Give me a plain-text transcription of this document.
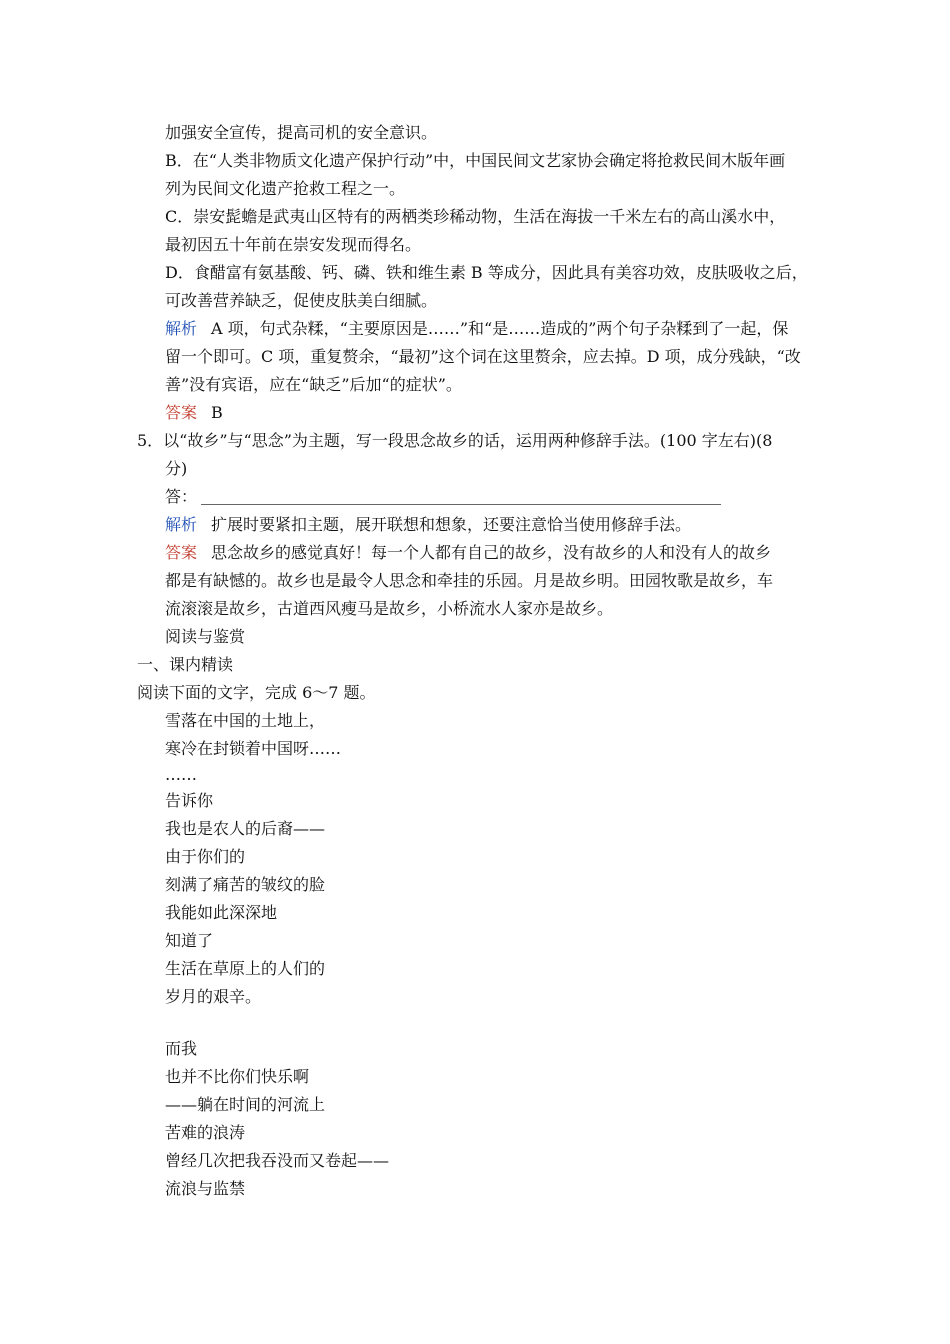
加强安全宣传，提高司机的安全意识。
B．在“人类非物质文化遗产保护行动”中，中国民间文艺家协会确定将抢救民间木版年画
列为民间文化遗产抢救工程之一。
C．崇安髭蟾是武夷山区特有的两栖类珍稀动物，生活在海拔一千米左右的高山溪水中，
最初因五十年前在崇安发现而得名。
D．食醋富有氨基酸、钙、磷、铁和维生素 B 等成分，因此具有美容功效，皮肤吸收之后，
可改善营养缺乏，促使皮肤美白细腻。
解析 A 项，句式杂糅，“主要原因是……”和“是……造成的”两个句子杂糅到了一起，保
留一个即可。C 项，重复赘余，“最初”这个词在这里赘余，应去掉。D 项，成分残缺，“改
善”没有宾语，应在“缺乏”后加“的症状”。
答案 B
5．以“故乡”与“思念”为主题，写一段思念故乡的话，运用两种修辞手法。(100 字左右)(8
分)
答：
解析 扩展时要紧扣主题，展开联想和想象，还要注意恰当使用修辞手法。
答案 思念故乡的感觉真好！每一个人都有自己的故乡，没有故乡的人和没有人的故乡
都是有缺憾的。故乡也是最令人思念和牵挂的乐园。月是故乡明。田园牧歌是故乡，车
流滚滚是故乡，古道西风瘦马是故乡，小桥流水人家亦是故乡。
阅读与鉴赏
一、课内精读
阅读下面的文字，完成 6～7 题。
雪落在中国的土地上，
寒冷在封锁着中国呀……
……
告诉你
我也是农人的后裔——
由于你们的
刻满了痛苦的皱纹的脸
我能如此深深地
知道了
生活在草原上的人们的
岁月的艰辛。
而我
也并不比你们快乐啊
——躺在时间的河流上
苦难的浪涛
曾经几次把我吞没而又卷起——
流浪与监禁
